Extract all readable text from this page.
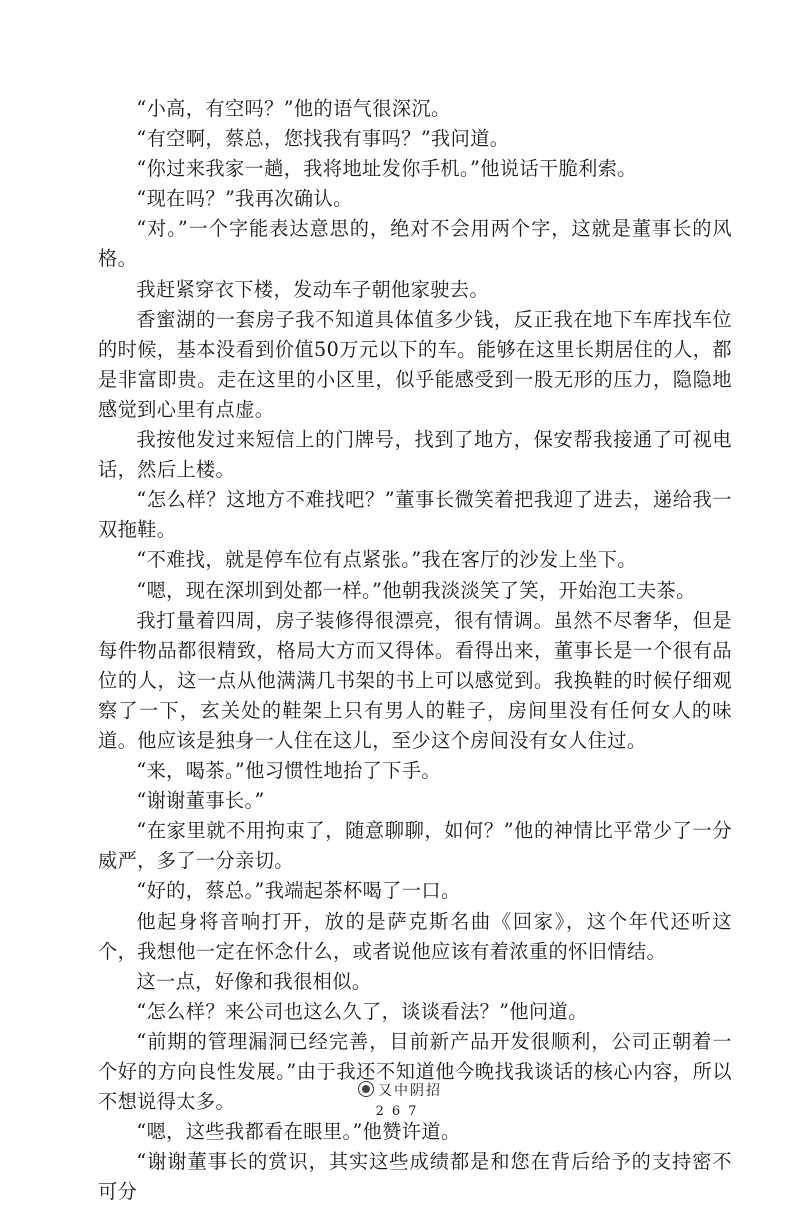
“小高，有空吗？”他的语气很深沉。

“有空啊，蔡总，您找我有事吗？”我问道。

“你过来我家一趟，我将地址发你手机。”他说话干脆利索。

“现在吗？”我再次确认。

“对。”一个字能表达意思的，绝对不会用两个字，这就是董事长的风格。

我赶紧穿衣下楼，发动车子朝他家驶去。

香蜜湖的一套房子我不知道具体值多少钱，反正我在地下车库找车位的时候，基本没看到价值50万元以下的车。能够在这里长期居住的人，都是非富即贵。走在这里的小区里，似乎能感受到一股无形的压力，隐隐地感觉到心里有点虚。

我按他发过来短信上的门牌号，找到了地方，保安帮我接通了可视电话，然后上楼。

“怎么样？这地方不难找吧？”董事长微笑着把我迎了进去，递给我一双拖鞋。

“不难找，就是停车位有点紧张。”我在客厅的沙发上坐下。

“嗯，现在深圳到处都一样。”他朝我淡淡笑了笑，开始泡工夫茶。

我打量着四周，房子装修得很漂亮，很有情调。虽然不尽奢华，但是每件物品都很精致，格局大方而又得体。看得出来，董事长是一个很有品位的人，这一点从他满满几书架的书上可以感觉到。我换鞋的时候仔细观察了一下，玄关处的鞋架上只有男人的鞋子，房间里没有任何女人的味道。他应该是独身一人住在这儿，至少这个房间没有女人住过。

“来，喝茶。”他习惯性地抬了下手。

“谢谢董事长。”

“在家里就不用拘束了，随意聊聊，如何？”他的神情比平常少了一分威严，多了一分亲切。

“好的，蔡总。”我端起茶杯喝了一口。

他起身将音响打开，放的是萨克斯名曲《回家》，这个年代还听这个，我想他一定在怀念什么，或者说他应该有着浓重的怀旧情结。

这一点，好像和我很相似。

“怎么样？来公司也这么久了，谈谈看法？”他问道。

“前期的管理漏洞已经完善，目前新产品开发很顺利，公司正朝着一个好的方向良性发展。”由于我还不知道他今晚找我谈话的核心内容，所以不想说得太多。

“嗯，这些我都看在眼里。”他赞许道。

“谢谢董事长的赏识，其实这些成绩都是和您在背后给予的支持密不可分

又中阴招
267
